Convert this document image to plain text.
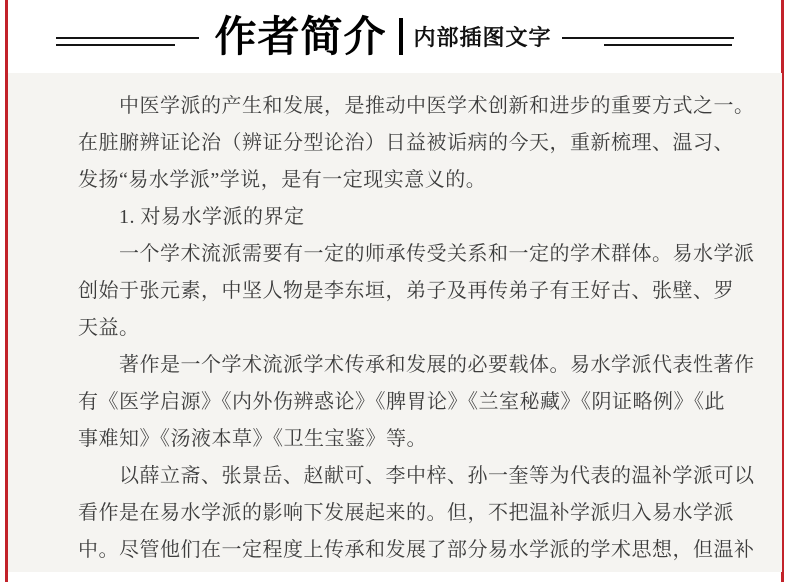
作者简介 内部插图文字
中医学派的产生和发展，是推动中医学术创新和进步的重要方式之一。
在脏腑辨证论治（辨证分型论治）日益被诟病的今天，重新梳理、温习、
发扬“易水学派”学说，是有一定现实意义的。
1. 对易水学派的界定
一个学术流派需要有一定的师承传受关系和一定的学术群体。易水学派
创始于张元素，中坚人物是李东垣，弟子及再传弟子有王好古、张壁、罗
天益。
著作是一个学术流派学术传承和发展的必要载体。易水学派代表性著作
有《医学启源》《内外伤辨惑论》《脾胃论》《兰室秘藏》《阴证略例》《此
事难知》《汤液本草》《卫生宝鉴》等。
以薛立斋、张景岳、赵献可、李中梓、孙一奎等为代表的温补学派可以
看作是在易水学派的影响下发展起来的。但，不把温补学派归入易水学派
中。尽管他们在一定程度上传承和发展了部分易水学派的学术思想，但温补
